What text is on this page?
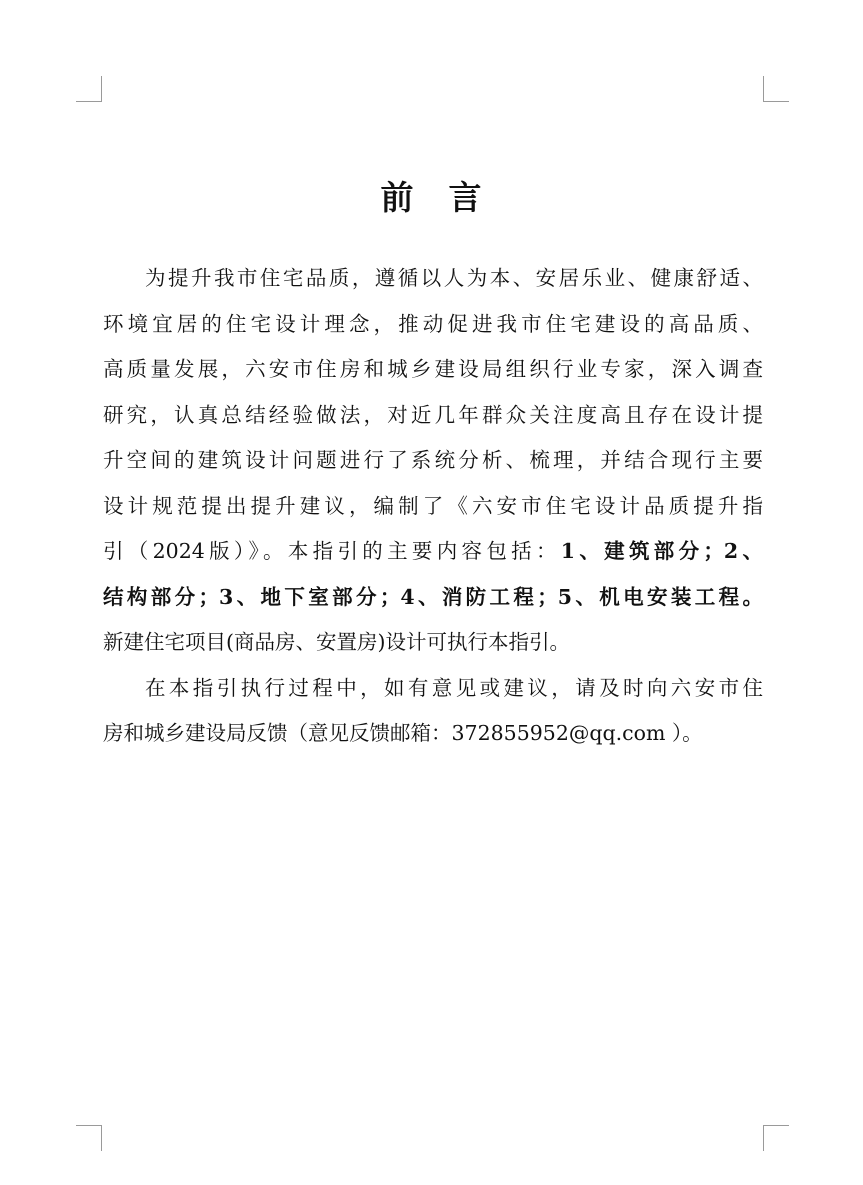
前　言
为提升我市住宅品质，遵循以人为本、安居乐业、健康舒适、
环境宜居的住宅设计理念，推动促进我市住宅建设的高品质、
高质量发展，六安市住房和城乡建设局组织行业专家，深入调查
研究，认真总结经验做法，对近几年群众关注度高且存在设计提
升空间的建筑设计问题进行了系统分析、梳理，并结合现行主要
设计规范提出提升建议，编制了《六安市住宅设计品质提升指
引（2024版）》。本指引的主要内容包括：1、建筑部分；2、
结构部分；3、地下室部分；4、消防工程；5、机电安装工程。
新建住宅项目(商品房、安置房)设计可执行本指引。
在本指引执行过程中，如有意见或建议，请及时向六安市住
房和城乡建设局反馈（意见反馈邮箱：372855952@qq.com ）。
